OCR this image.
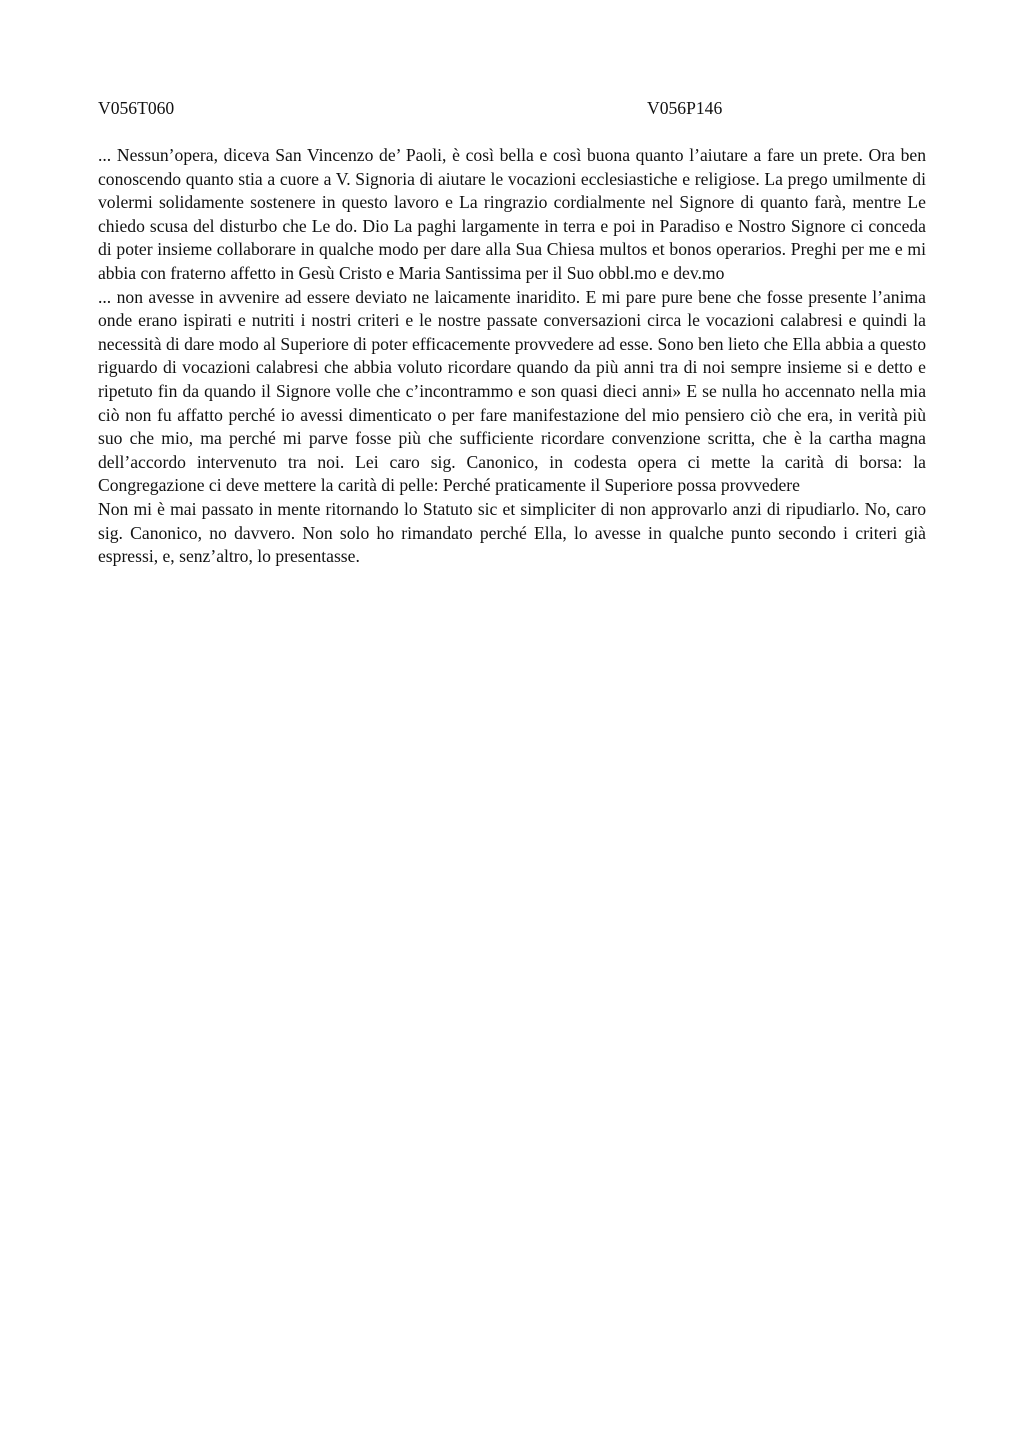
V056T060	V056P146

... Nessun’opera, diceva San Vincenzo de’ Paoli, è così bella e così buona quanto l’aiutare a fare un prete. Ora ben conoscendo quanto stia a cuore a V. Signoria di aiutare le vocazioni ecclesiastiche e religiose. La prego umilmente di volermi solidamente sostenere in questo lavoro e La ringrazio cordialmente nel Signore di quanto farà, mentre Le chiedo scusa del disturbo che Le do. Dio La paghi largamente in terra e poi in Paradiso e Nostro Signore ci conceda di poter insieme collaborare in qualche modo per dare alla Sua Chiesa multos et bonos operarios. Preghi per me e mi abbia con fraterno affetto in Gesù Cristo e Maria Santissima per il Suo obbl.mo e dev.mo

... non avesse in avvenire ad essere deviato ne laicamente inaridito. E mi pare pure bene che fosse presente l’anima onde erano ispirati e nutriti i nostri criteri e le nostre passate conversazioni circa le vocazioni calabresi e quindi la necessità di dare modo al Superiore di poter efficacemente provvedere ad esse. Sono ben lieto che Ella abbia a questo riguardo di vocazioni calabresi che abbia voluto ricordare quando da più anni tra di noi sempre insieme si e detto e ripetuto fin da quando il Signore volle che c’incontrammo e son quasi dieci anni» E se nulla ho accennato nella mia ciò non fu affatto perché io avessi dimenticato o per fare manifestazione del mio pensiero ciò che era, in verità più suo che mio, ma perché mi parve fosse più che sufficiente ricordare convenzione scritta, che è la cartha magna dell’accordo intervenuto tra noi. Lei caro sig. Canonico, in codesta opera ci mette la carità di borsa: la Congregazione ci deve mettere la carità di pelle: Perché praticamente il Superiore possa provvedere

Non mi è mai passato in mente ritornando lo Statuto sic et simpliciter di non approvarlo anzi di ripudiarlo. No, caro sig. Canonico, no davvero. Non solo ho rimandato perché Ella, lo avesse in qualche punto secondo i criteri già espressi, e, senz’altro, lo presentasse.
